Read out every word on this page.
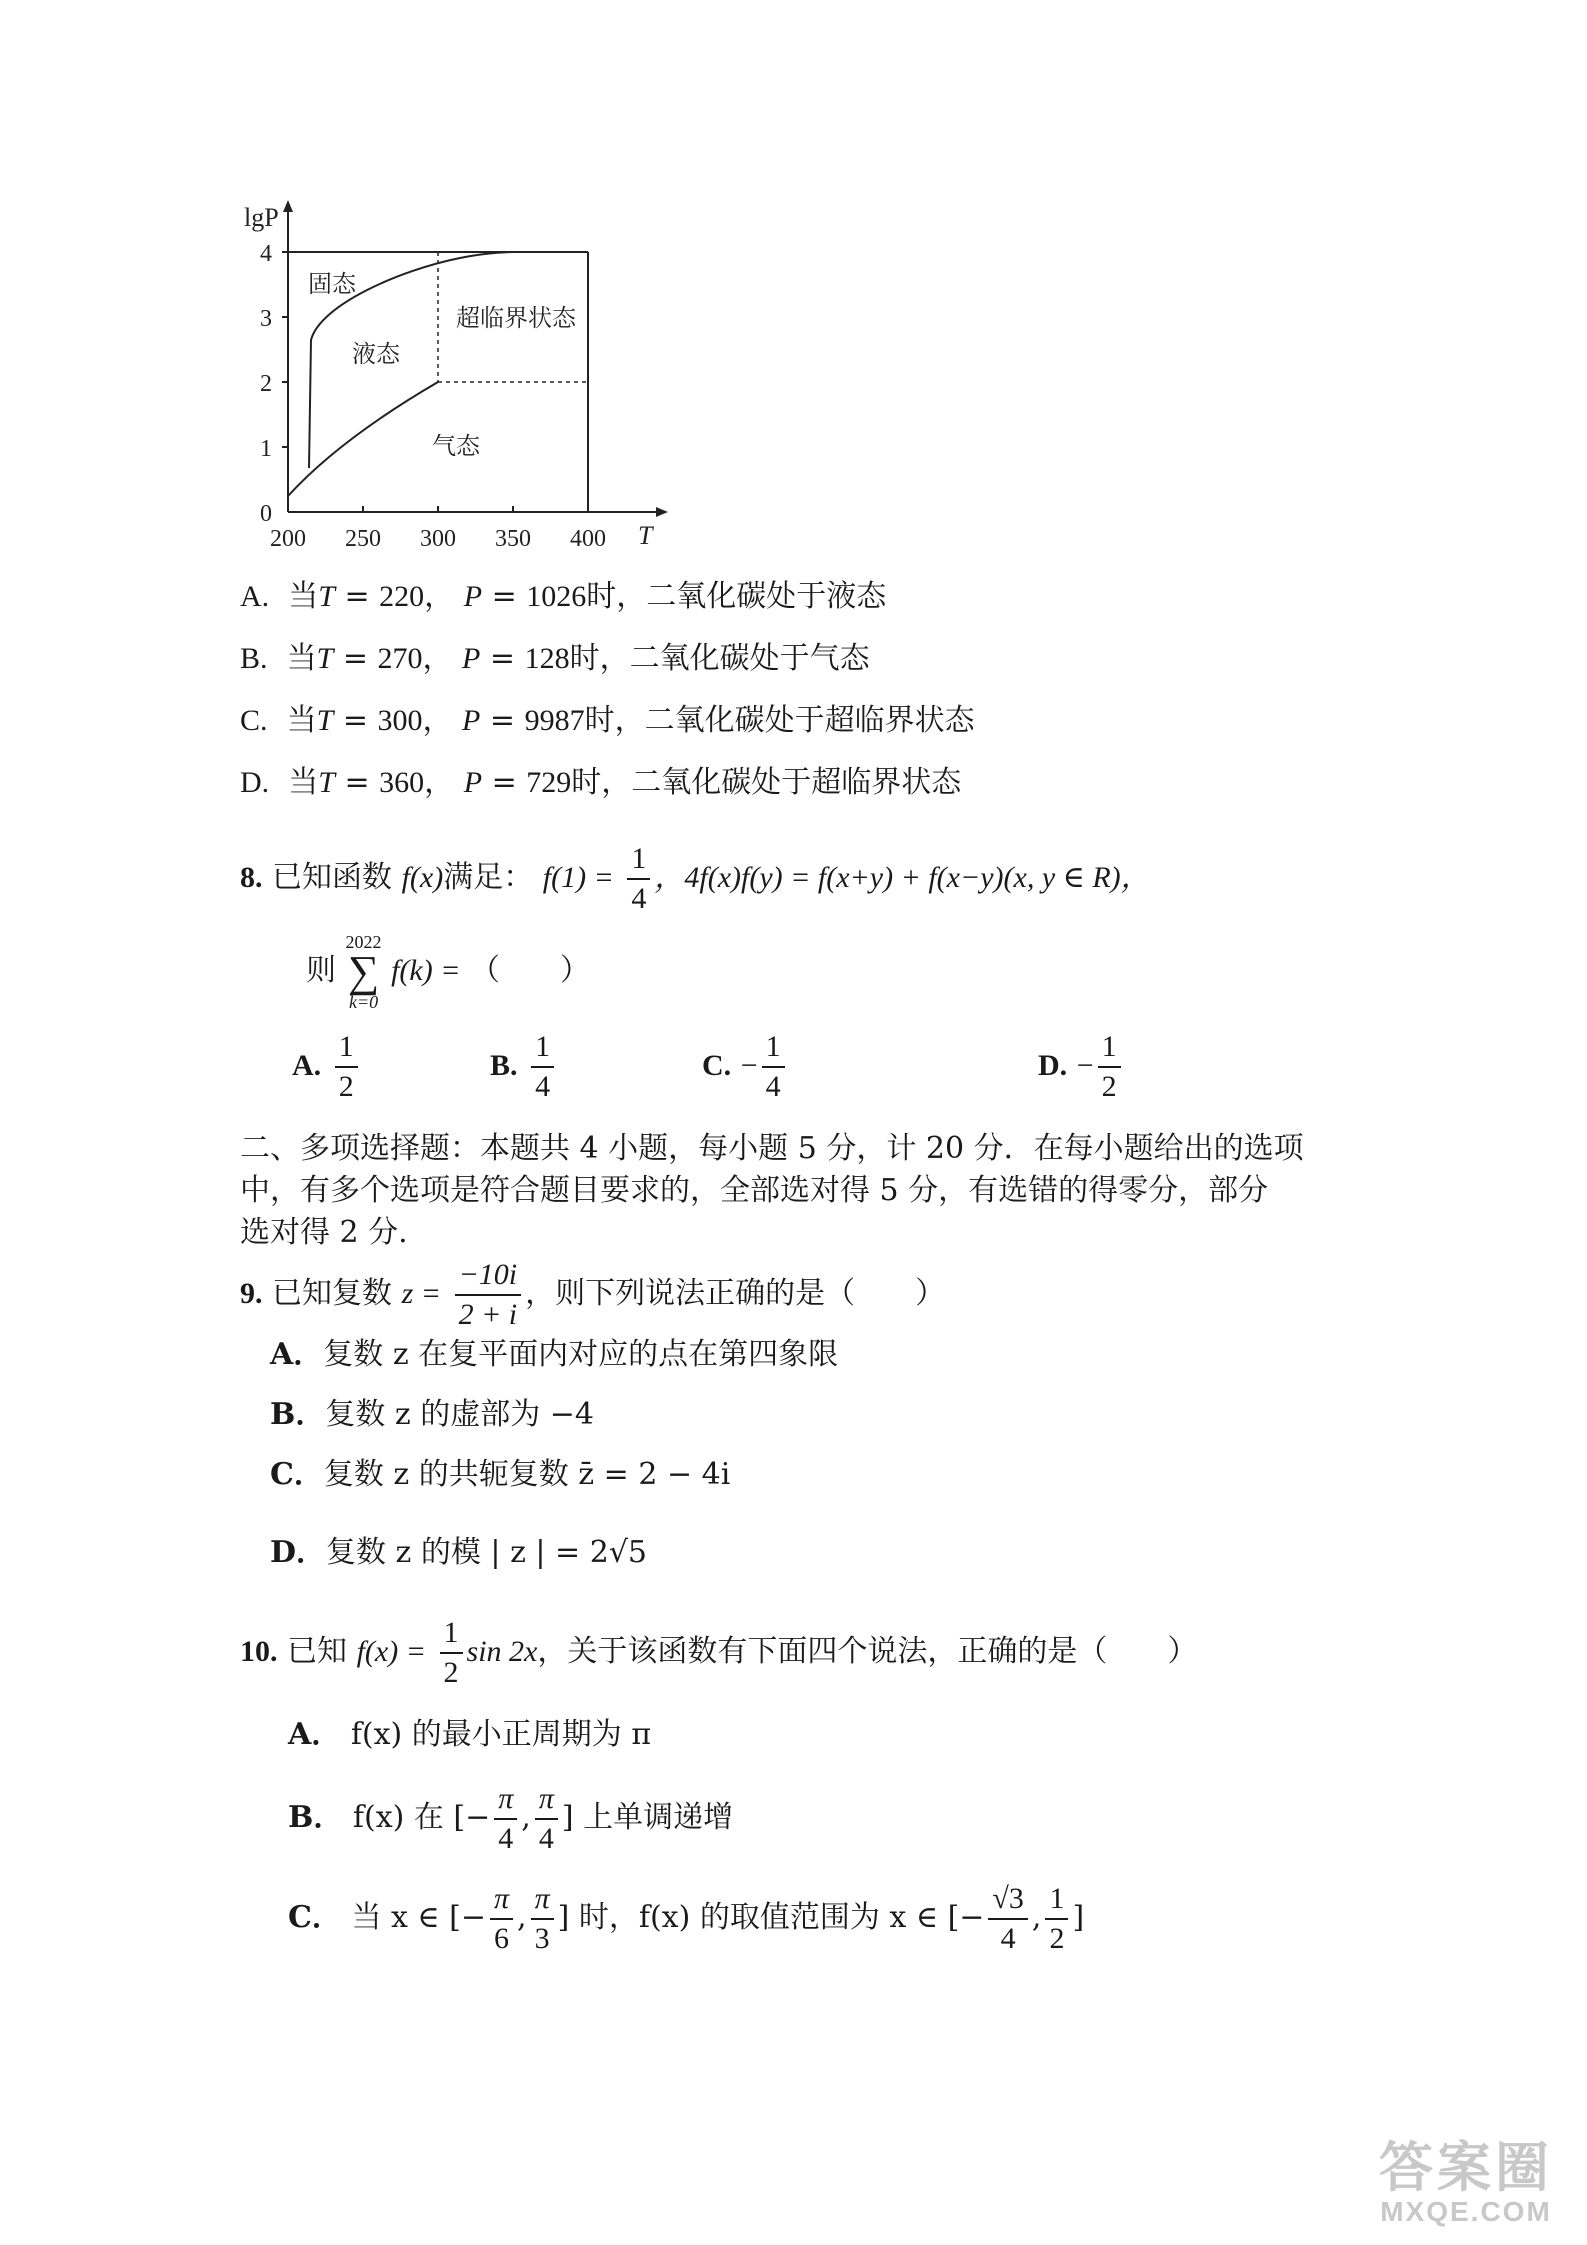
lgP
T
0
1
2
3
4
200 250 300 350 400
固态
液态
超临界状态
气态
A.  当T = 220， P = 1026时，二氧化碳处于液态
B.  当T = 270， P = 128时，二氧化碳处于气态
C.  当T = 300， P = 9987时，二氧化碳处于超临界状态
D.  当T = 360， P = 729时，二氧化碳处于超临界状态
8. 已知函数 f(x)满足： $f(1) = \frac{1}{4}$ ，4f(x)f(y) = f(x+y) + f(x−y)(x, y ∈ R)，
则
2022
∑
k=0
f(k) = （　　）
A. $\frac{1}{2}$	B. $\frac{1}{4}$	C. − $\frac{1}{4}$	D. − $\frac{1}{2}$
二、多项选择题：本题共 4 小题，每小题 5 分，计 20 分．在每小题给出的选项
中，有多个选项是符合题目要求的，全部选对得 5 分，有选错的得零分，部分
选对得 2 分.
9. 已知复数 $z = \frac{-10i}{2 + i}$ ，则下列说法正确的是（　　）
A．复数 z 在复平面内对应的点在第四象限
B．复数 z 的虚部为 −4
C．复数 z 的共轭复数 z̄ = 2 − 4i
D．复数 z 的模 | z | = 2√5
10. 已知 $f(x) = \frac{1}{2}$ sin 2x，关于该函数有下面四个说法，正确的是（　　）
A． f(x) 的最小正周期为 π
B． f(x) 在 [− $\frac{\pi}{4}$ , $\frac{\pi}{4}$ ] 上单调递增
C． 当 x ∈ [− $\frac{\pi}{6}$ , $\frac{\pi}{3}$ ] 时，f(x) 的取值范围为 x ∈ [− $\frac{√3}{4}$ , $\frac{1}{2}$ ]
答案圈
MXQE.COM
